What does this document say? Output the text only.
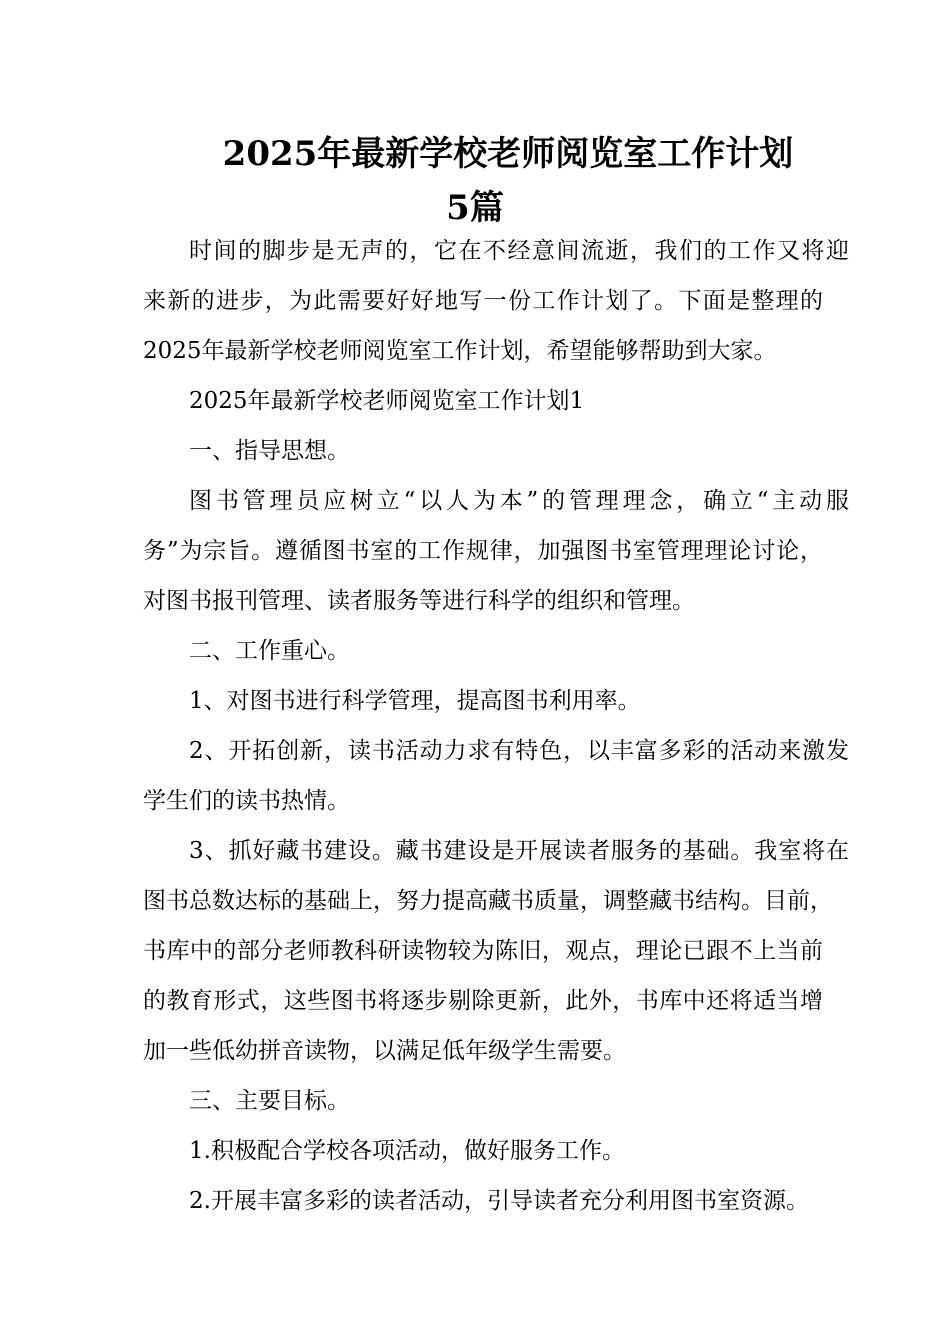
2025年最新学校老师阅览室工作计划
5篇
时间的脚步是无声的，它在不经意间流逝，我们的工作又将迎
来新的进步，为此需要好好地写一份工作计划了。下面是整理的
2025年最新学校老师阅览室工作计划，希望能够帮助到大家。
2025年最新学校老师阅览室工作计划1
一、指导思想。
图书管理员应树立“以人为本”的管理理念，确立“主动服
务”为宗旨。遵循图书室的工作规律，加强图书室管理理论讨论，
对图书报刊管理、读者服务等进行科学的组织和管理。
二、工作重心。
1、对图书进行科学管理，提高图书利用率。
2、开拓创新，读书活动力求有特色，以丰富多彩的活动来激发
学生们的读书热情。
3、抓好藏书建设。藏书建设是开展读者服务的基础。我室将在
图书总数达标的基础上，努力提高藏书质量，调整藏书结构。目前，
书库中的部分老师教科研读物较为陈旧，观点，理论已跟不上当前
的教育形式，这些图书将逐步剔除更新，此外，书库中还将适当增
加一些低幼拼音读物，以满足低年级学生需要。
三、主要目标。
1.积极配合学校各项活动，做好服务工作。
2.开展丰富多彩的读者活动，引导读者充分利用图书室资源。
